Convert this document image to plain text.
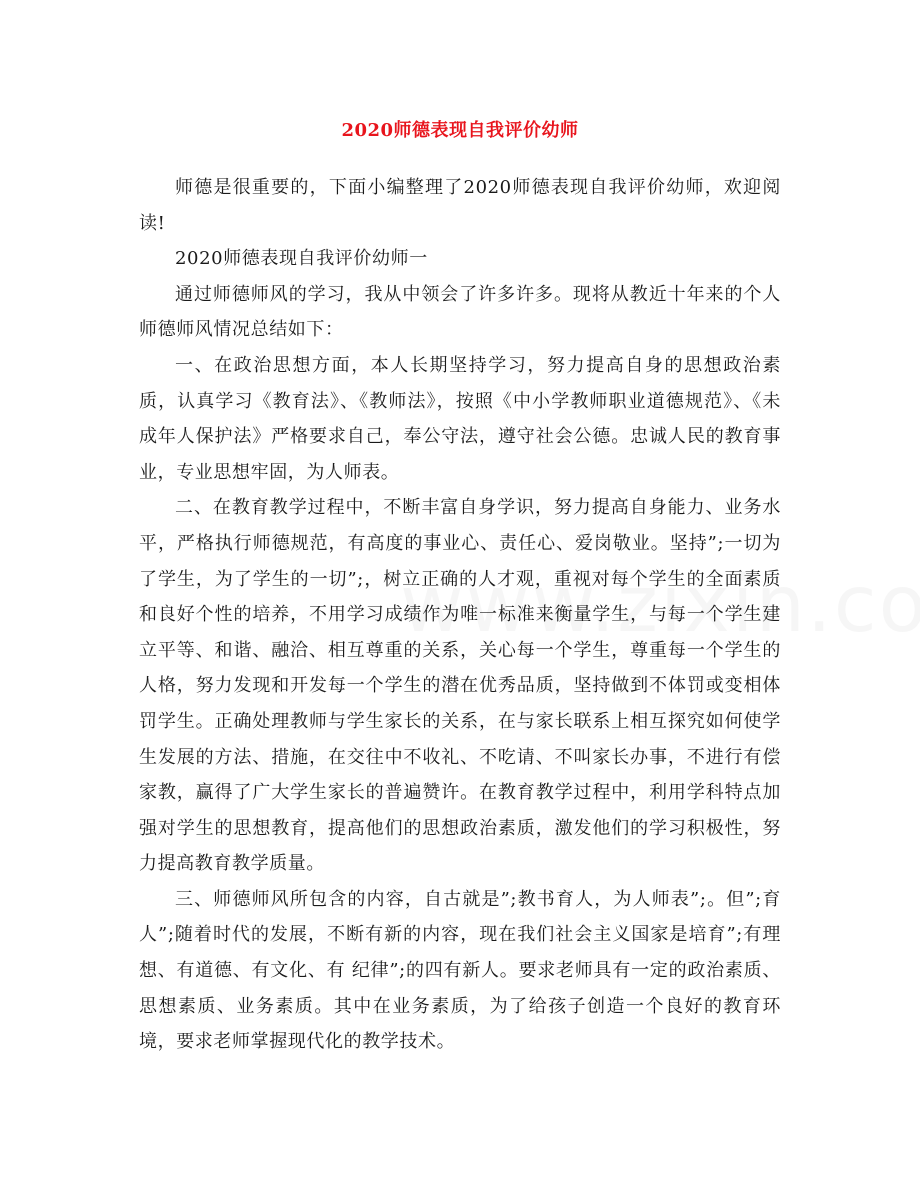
2020师德表现自我评价幼师

师德是很重要的，下面小编整理了2020师德表现自我评价幼师，欢迎阅读!

2020师德表现自我评价幼师一

通过师德师风的学习，我从中领会了许多许多。现将从教近十年来的个人师德师风情况总结如下：

一、在政治思想方面，本人长期坚持学习，努力提高自身的思想政治素质，认真学习《教育法》、《教师法》，按照《中小学教师职业道德规范》、《未成年人保护法》严格要求自己，奉公守法，遵守社会公德。忠诚人民的教育事业，专业思想牢固，为人师表。

二、在教育教学过程中，不断丰富自身学识，努力提高自身能力、业务水平，严格执行师德规范，有高度的事业心、责任心、爱岗敬业。坚持”;一切为了学生，为了学生的一切”;，树立正确的人才观，重视对每个学生的全面素质和良好个性的培养，不用学习成绩作为唯一标准来衡量学生，与每一个学生建立平等、和谐、融洽、相互尊重的关系，关心每一个学生，尊重每一个学生的人格，努力发现和开发每一个学生的潜在优秀品质，坚持做到不体罚或变相体罚学生。正确处理教师与学生家长的关系，在与家长联系上相互探究如何使学生发展的方法、措施，在交往中不收礼、不吃请、不叫家长办事，不进行有偿家教，赢得了广大学生家长的普遍赞许。在教育教学过程中，利用学科特点加强对学生的思想教育，提高他们的思想政治素质，激发他们的学习积极性，努力提高教育教学质量。

三、师德师风所包含的内容，自古就是”;教书育人，为人师表”;。但”;育人”;随着时代的发展，不断有新的内容，现在我们社会主义国家是培育”;有理想、有道德、有文化、有 纪律”;的四有新人。要求老师具有一定的政治素质、思想素质、业务素质。其中在业务素质，为了给孩子创造一个良好的教育环境，要求老师掌握现代化的教学技术。
